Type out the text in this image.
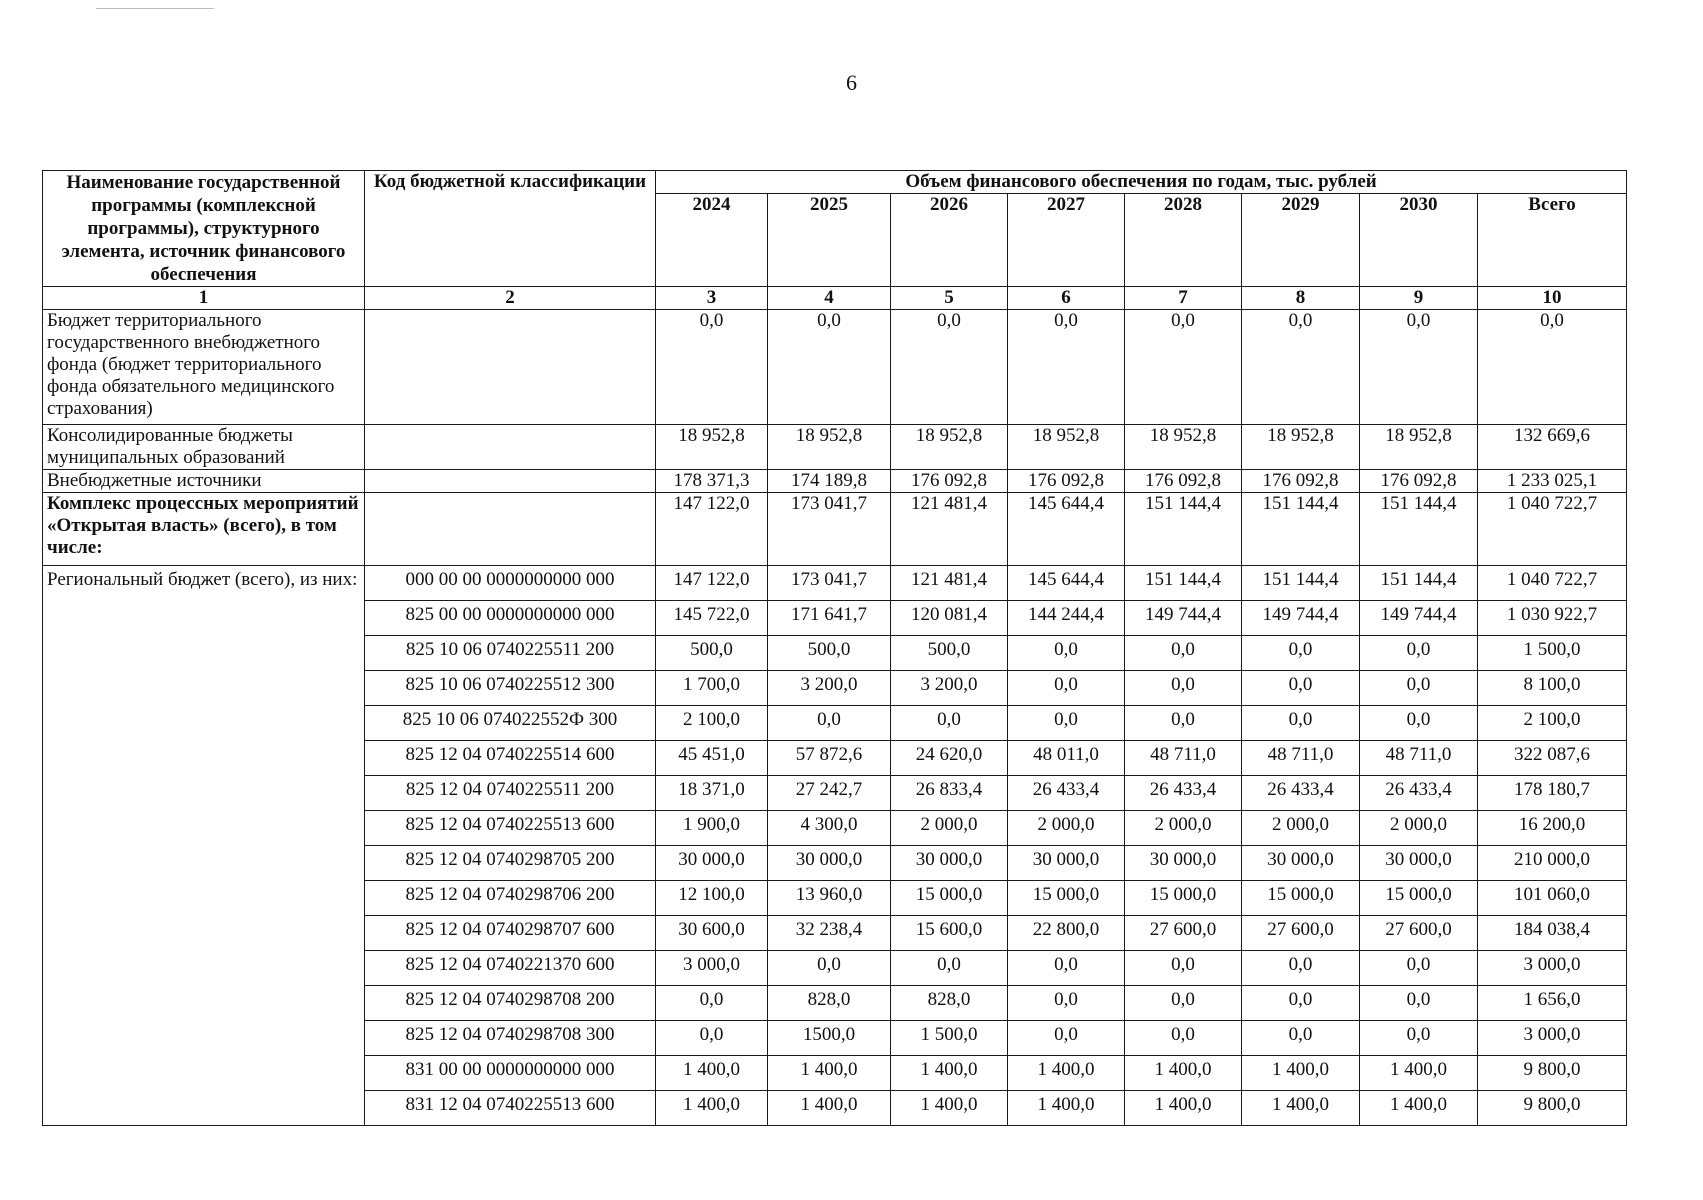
6
Наименование государственной программы (комплексной программы), структурного элемента, источник финансового обеспечения	Код бюджетной классификации	Объем финансового обеспечения по годам, тыс. рублей							
		2024	2025	2026	2027	2028	2029	2030	Всего
1	2	3	4	5	6	7	8	9	10
Бюджет территориального государственного внебюджетного фонда (бюджет территориального фонда обязательного медицинского страхования)		0,0	0,0	0,0	0,0	0,0	0,0	0,0	0,0
Консолидированные бюджеты муниципальных образований		18 952,8	18 952,8	18 952,8	18 952,8	18 952,8	18 952,8	18 952,8	132 669,6
Внебюджетные источники		178 371,3	174 189,8	176 092,8	176 092,8	176 092,8	176 092,8	176 092,8	1 233 025,1
Комплекс процессных мероприятий «Открытая власть» (всего), в том числе:		147 122,0	173 041,7	121 481,4	145 644,4	151 144,4	151 144,4	151 144,4	1 040 722,7
Региональный бюджет (всего), из них:	000 00 00 0000000000 000	147 122,0	173 041,7	121 481,4	145 644,4	151 144,4	151 144,4	151 144,4	1 040 722,7
	825 00 00 0000000000 000	145 722,0	171 641,7	120 081,4	144 244,4	149 744,4	149 744,4	149 744,4	1 030 922,7
	825 10 06 0740225511 200	500,0	500,0	500,0	0,0	0,0	0,0	0,0	1 500,0
	825 10 06 0740225512 300	1 700,0	3 200,0	3 200,0	0,0	0,0	0,0	0,0	8 100,0
	825 10 06 074022552Ф 300	2 100,0	0,0	0,0	0,0	0,0	0,0	0,0	2 100,0
	825 12 04 0740225514 600	45 451,0	57 872,6	24 620,0	48 011,0	48 711,0	48 711,0	48 711,0	322 087,6
	825 12 04 0740225511 200	18 371,0	27 242,7	26 833,4	26 433,4	26 433,4	26 433,4	26 433,4	178 180,7
	825 12 04 0740225513 600	1 900,0	4 300,0	2 000,0	2 000,0	2 000,0	2 000,0	2 000,0	16 200,0
	825 12 04 0740298705 200	30 000,0	30 000,0	30 000,0	30 000,0	30 000,0	30 000,0	30 000,0	210 000,0
	825 12 04 0740298706 200	12 100,0	13 960,0	15 000,0	15 000,0	15 000,0	15 000,0	15 000,0	101 060,0
	825 12 04 0740298707 600	30 600,0	32 238,4	15 600,0	22 800,0	27 600,0	27 600,0	27 600,0	184 038,4
	825 12 04 0740221370 600	3 000,0	0,0	0,0	0,0	0,0	0,0	0,0	3 000,0
	825 12 04 0740298708 200	0,0	828,0	828,0	0,0	0,0	0,0	0,0	1 656,0
	825 12 04 0740298708 300	0,0	1500,0	1 500,0	0,0	0,0	0,0	0,0	3 000,0
	831 00 00 0000000000 000	1 400,0	1 400,0	1 400,0	1 400,0	1 400,0	1 400,0	1 400,0	9 800,0
	831 12 04 0740225513 600	1 400,0	1 400,0	1 400,0	1 400,0	1 400,0	1 400,0	1 400,0	9 800,0
